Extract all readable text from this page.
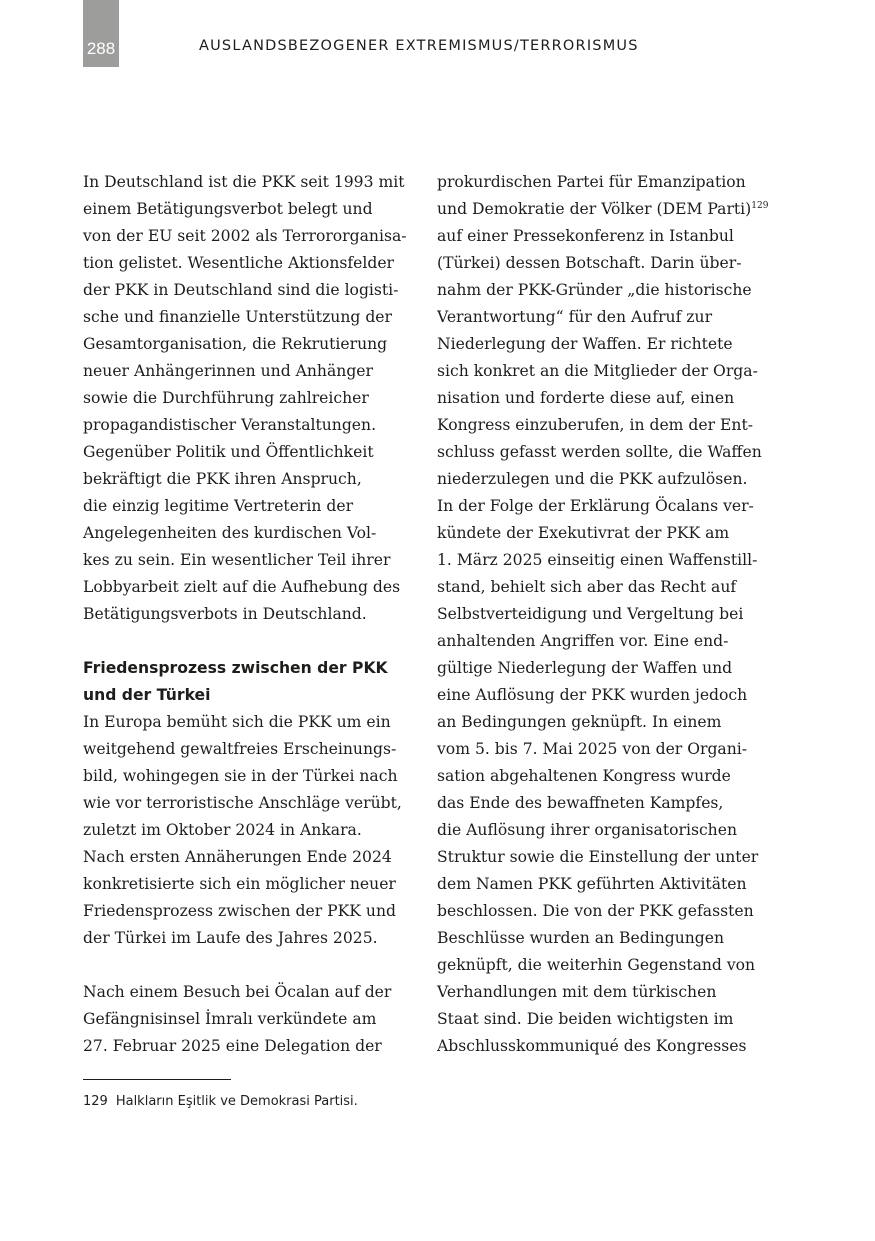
288	AUSLANDSBEZOGENER EXTREMISMUS/TERRORISMUS
In Deutschland ist die PKK seit 1993 mit
einem Betätigungsverbot belegt und
von der EU seit 2002 als Terrororganisa-
tion gelistet. Wesentliche Aktionsfelder
der PKK in Deutschland sind die logisti-
sche und finanzielle Unterstützung der
Gesamtorganisation, die Rekrutierung
neuer Anhängerinnen und Anhänger
sowie die Durchführung zahlreicher
propagandistischer Veranstaltungen.
Gegenüber Politik und Öffentlichkeit
bekräftigt die PKK ihren Anspruch,
die einzig legitime Vertreterin der
Angelegenheiten des kurdischen Vol-
kes zu sein. Ein wesentlicher Teil ihrer
Lobbyarbeit zielt auf die Aufhebung des
Betätigungsverbots in Deutschland.
Friedensprozess zwischen der PKK
und der Türkei
In Europa bemüht sich die PKK um ein
weitgehend gewaltfreies Erscheinungs-
bild, wohingegen sie in der Türkei nach
wie vor terroristische Anschläge verübt,
zuletzt im Oktober 2024 in Ankara.
Nach ersten Annäherungen Ende 2024
konkretisierte sich ein möglicher neuer
Friedensprozess zwischen der PKK und
der Türkei im Laufe des Jahres 2025.
Nach einem Besuch bei Öcalan auf der
Gefängnisinsel İmralı verkündete am
27. Februar 2025 eine Delegation der
prokurdischen Partei für Emanzipation
und Demokratie der Völker (DEM Parti)$^{129}$
auf einer Pressekonferenz in Istanbul
(Türkei) dessen Botschaft. Darin über-
nahm der PKK-Gründer „die historische
Verantwortung“ für den Aufruf zur
Niederlegung der Waffen. Er richtete
sich konkret an die Mitglieder der Orga-
nisation und forderte diese auf, einen
Kongress einzuberufen, in dem der Ent-
schluss gefasst werden sollte, die Waffen
niederzulegen und die PKK aufzulösen.
In der Folge der Erklärung Öcalans ver-
kündete der Exekutivrat der PKK am
1. März 2025 einseitig einen Waffenstill-
stand, behielt sich aber das Recht auf
Selbstverteidigung und Vergeltung bei
anhaltenden Angriffen vor. Eine end-
gültige Niederlegung der Waffen und
eine Auflösung der PKK wurden jedoch
an Bedingungen geknüpft. In einem
vom 5. bis 7. Mai 2025 von der Organi-
sation abgehaltenen Kongress wurde
das Ende des bewaffneten Kampfes,
die Auflösung ihrer organisatorischen
Struktur sowie die Einstellung der unter
dem Namen PKK geführten Aktivitäten
beschlossen. Die von der PKK gefassten
Beschlüsse wurden an Bedingungen
geknüpft, die weiterhin Gegenstand von
Verhandlungen mit dem türkischen
Staat sind. Die beiden wichtigsten im
Abschlusskommuniqué des Kongresses
129 Halkların Eşitlik ve Demokrasi Partisi.
